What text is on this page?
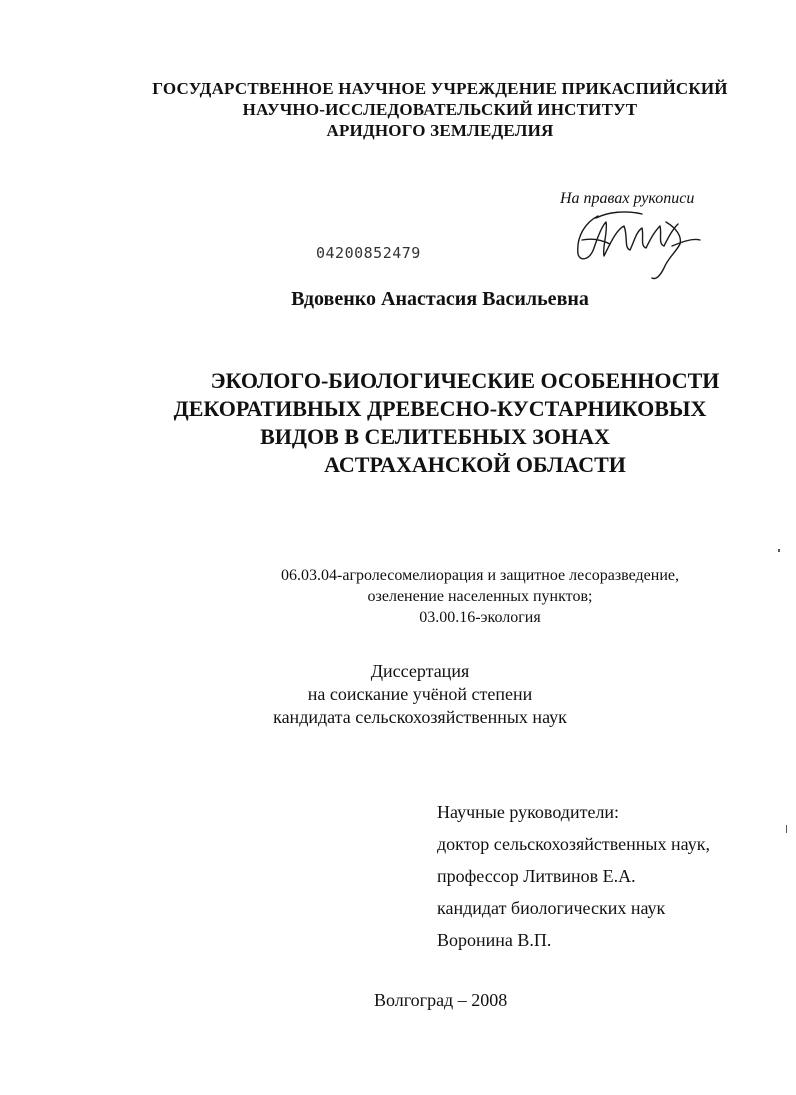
ГОСУДАРСТВЕННОЕ НАУЧНОЕ УЧРЕЖДЕНИЕ ПРИКАСПИЙСКИЙ
НАУЧНО-ИССЛЕДОВАТЕЛЬСКИЙ ИНСТИТУТ
АРИДНОГО ЗЕМЛЕДЕЛИЯ
На правах рукописи
04200852479
Вдовенко Анастасия Васильевна
ЭКОЛОГО-БИОЛОГИЧЕСКИЕ ОСОБЕННОСТИ
ДЕКОРАТИВНЫХ ДРЕВЕСНО-КУСТАРНИКОВЫХ
ВИДОВ В СЕЛИТЕБНЫХ ЗОНАХ
АСТРАХАНСКОЙ ОБЛАСТИ
06.03.04-агролесомелиорация и защитное лесоразведение,
озеленение населенных пунктов;
03.00.16-экология
Диссертация
на соискание учёной степени
кандидата сельскохозяйственных наук
Научные руководители:
доктор сельскохозяйственных наук,
профессор Литвинов Е.А.
кандидат биологических наук
Воронина В.П.
Волгоград – 2008
